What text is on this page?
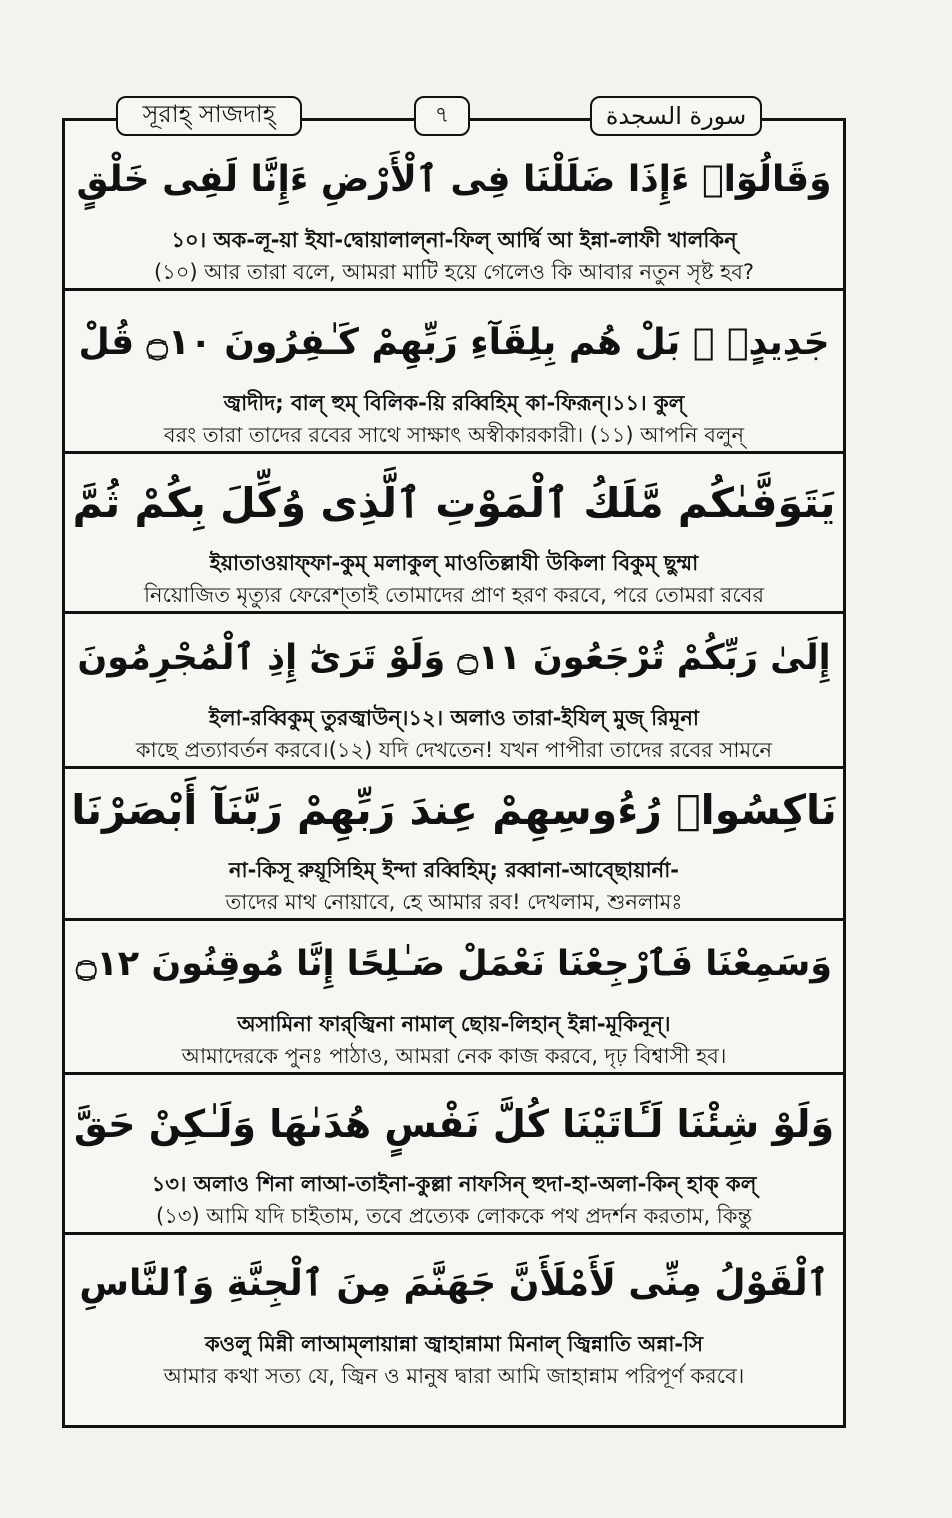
সূরাহ্ সাজদাহ্	৭	سورة السجدة
وَقَالُوٓا۟ ءَإِذَا ضَلَلْنَا فِى ٱلْأَرْضِ ءَإِنَّا لَفِى خَلْقٍ
১০। অক-লূ-য়া ইযা-দ্বোয়ালাল্না-ফিল্ আর্দ্বি আ ইন্না-লাফী খালকিন্
(১০) আর তারা বলে, আমরা মাটি হয়ে গেলেও কি আবার নতুন সৃষ্ট হব?
جَدِيدٍۭ ۚ بَلْ هُم بِلِقَآءِ رَبِّهِمْ كَـٰفِرُونَ ۝١٠ قُلْ
জ্বাদীদ; বাল্ হুম্ বিলিক-য়ি রব্বিহিম্ কা-ফিরূন্।১১। কুল্
বরং তারা তাদের রবের সাথে সাক্ষাৎ অস্বীকারকারী। (১১) আপনি বলুন্
يَتَوَفَّىٰكُم مَّلَكُ ٱلْمَوْتِ ٱلَّذِى وُكِّلَ بِكُمْ ثُمَّ
ইয়াতাওয়াফ্ফা-কুম্ মলাকুল্ মাওতিল্লাযী উকিলা বিকুম্ ছুম্মা
নিয়োজিত মৃত্যুর ফেরেশ্‌তাই তোমাদের প্রাণ হরণ করবে, পরে তোমরা রবের
إِلَىٰ رَبِّكُمْ تُرْجَعُونَ ۝١١ وَلَوْ تَرَىٰٓ إِذِ ٱلْمُجْرِمُونَ
ইলা-রব্বিকুম্ তুরজ্বাউন্।১২। অলাও তারা-ইযিল্ মুজ্ রিমূনা
কাছে প্রত্যাবর্তন করবে।(১২) যদি দেখতেন! যখন পাপীরা তাদের রবের সামনে
نَاكِسُوا۟ رُءُوسِهِمْ عِندَ رَبِّهِمْ رَبَّنَآ أَبْصَرْنَا
না-কিসূ রুয়ূসিহিম্ ইন্দা রব্বিহিম্; রব্বানা-আব্ছোয়ার্না-
তাদের মাথ নোয়াবে, হে আমার রব! দেখলাম, শুনলামঃ
وَسَمِعْنَا فَٱرْجِعْنَا نَعْمَلْ صَـٰلِحًا إِنَّا مُوقِنُونَ ۝١٢
অসামিনা ফার্‌জ্বিনা নামাল্ ছোয়-লিহান্ ইন্না-মূকিনূন্।
আমাদেরকে পুনঃ পাঠাও, আমরা নেক কাজ করবে, দৃঢ় বিশ্বাসী হব।
وَلَوْ شِئْنَا لَـَٔاتَيْنَا كُلَّ نَفْسٍ هُدَىٰهَا وَلَـٰكِنْ حَقَّ
১৩। অলাও শিনা লাআ-তাইনা-কুল্লা নাফসিন্ হুদা-হা-অলা-কিন্ হাক্ কল্
(১৩) আমি যদি চাইতাম, তবে প্রত্যেক লোককে পথ প্রদর্শন করতাম, কিন্তু
ٱلْقَوْلُ مِنِّى لَأَمْلَأَنَّ جَهَنَّمَ مِنَ ٱلْجِنَّةِ وَٱلنَّاسِ
কওলু মিন্নী লাআম্‌লায়ান্না জ্বাহান্নামা মিনাল্ জ্বিন্নাতি অন্না-সি
আমার কথা সত্য যে, জ্বিন ও মানুষ দ্বারা আমি জাহান্নাম পরিপূর্ণ করবে।
